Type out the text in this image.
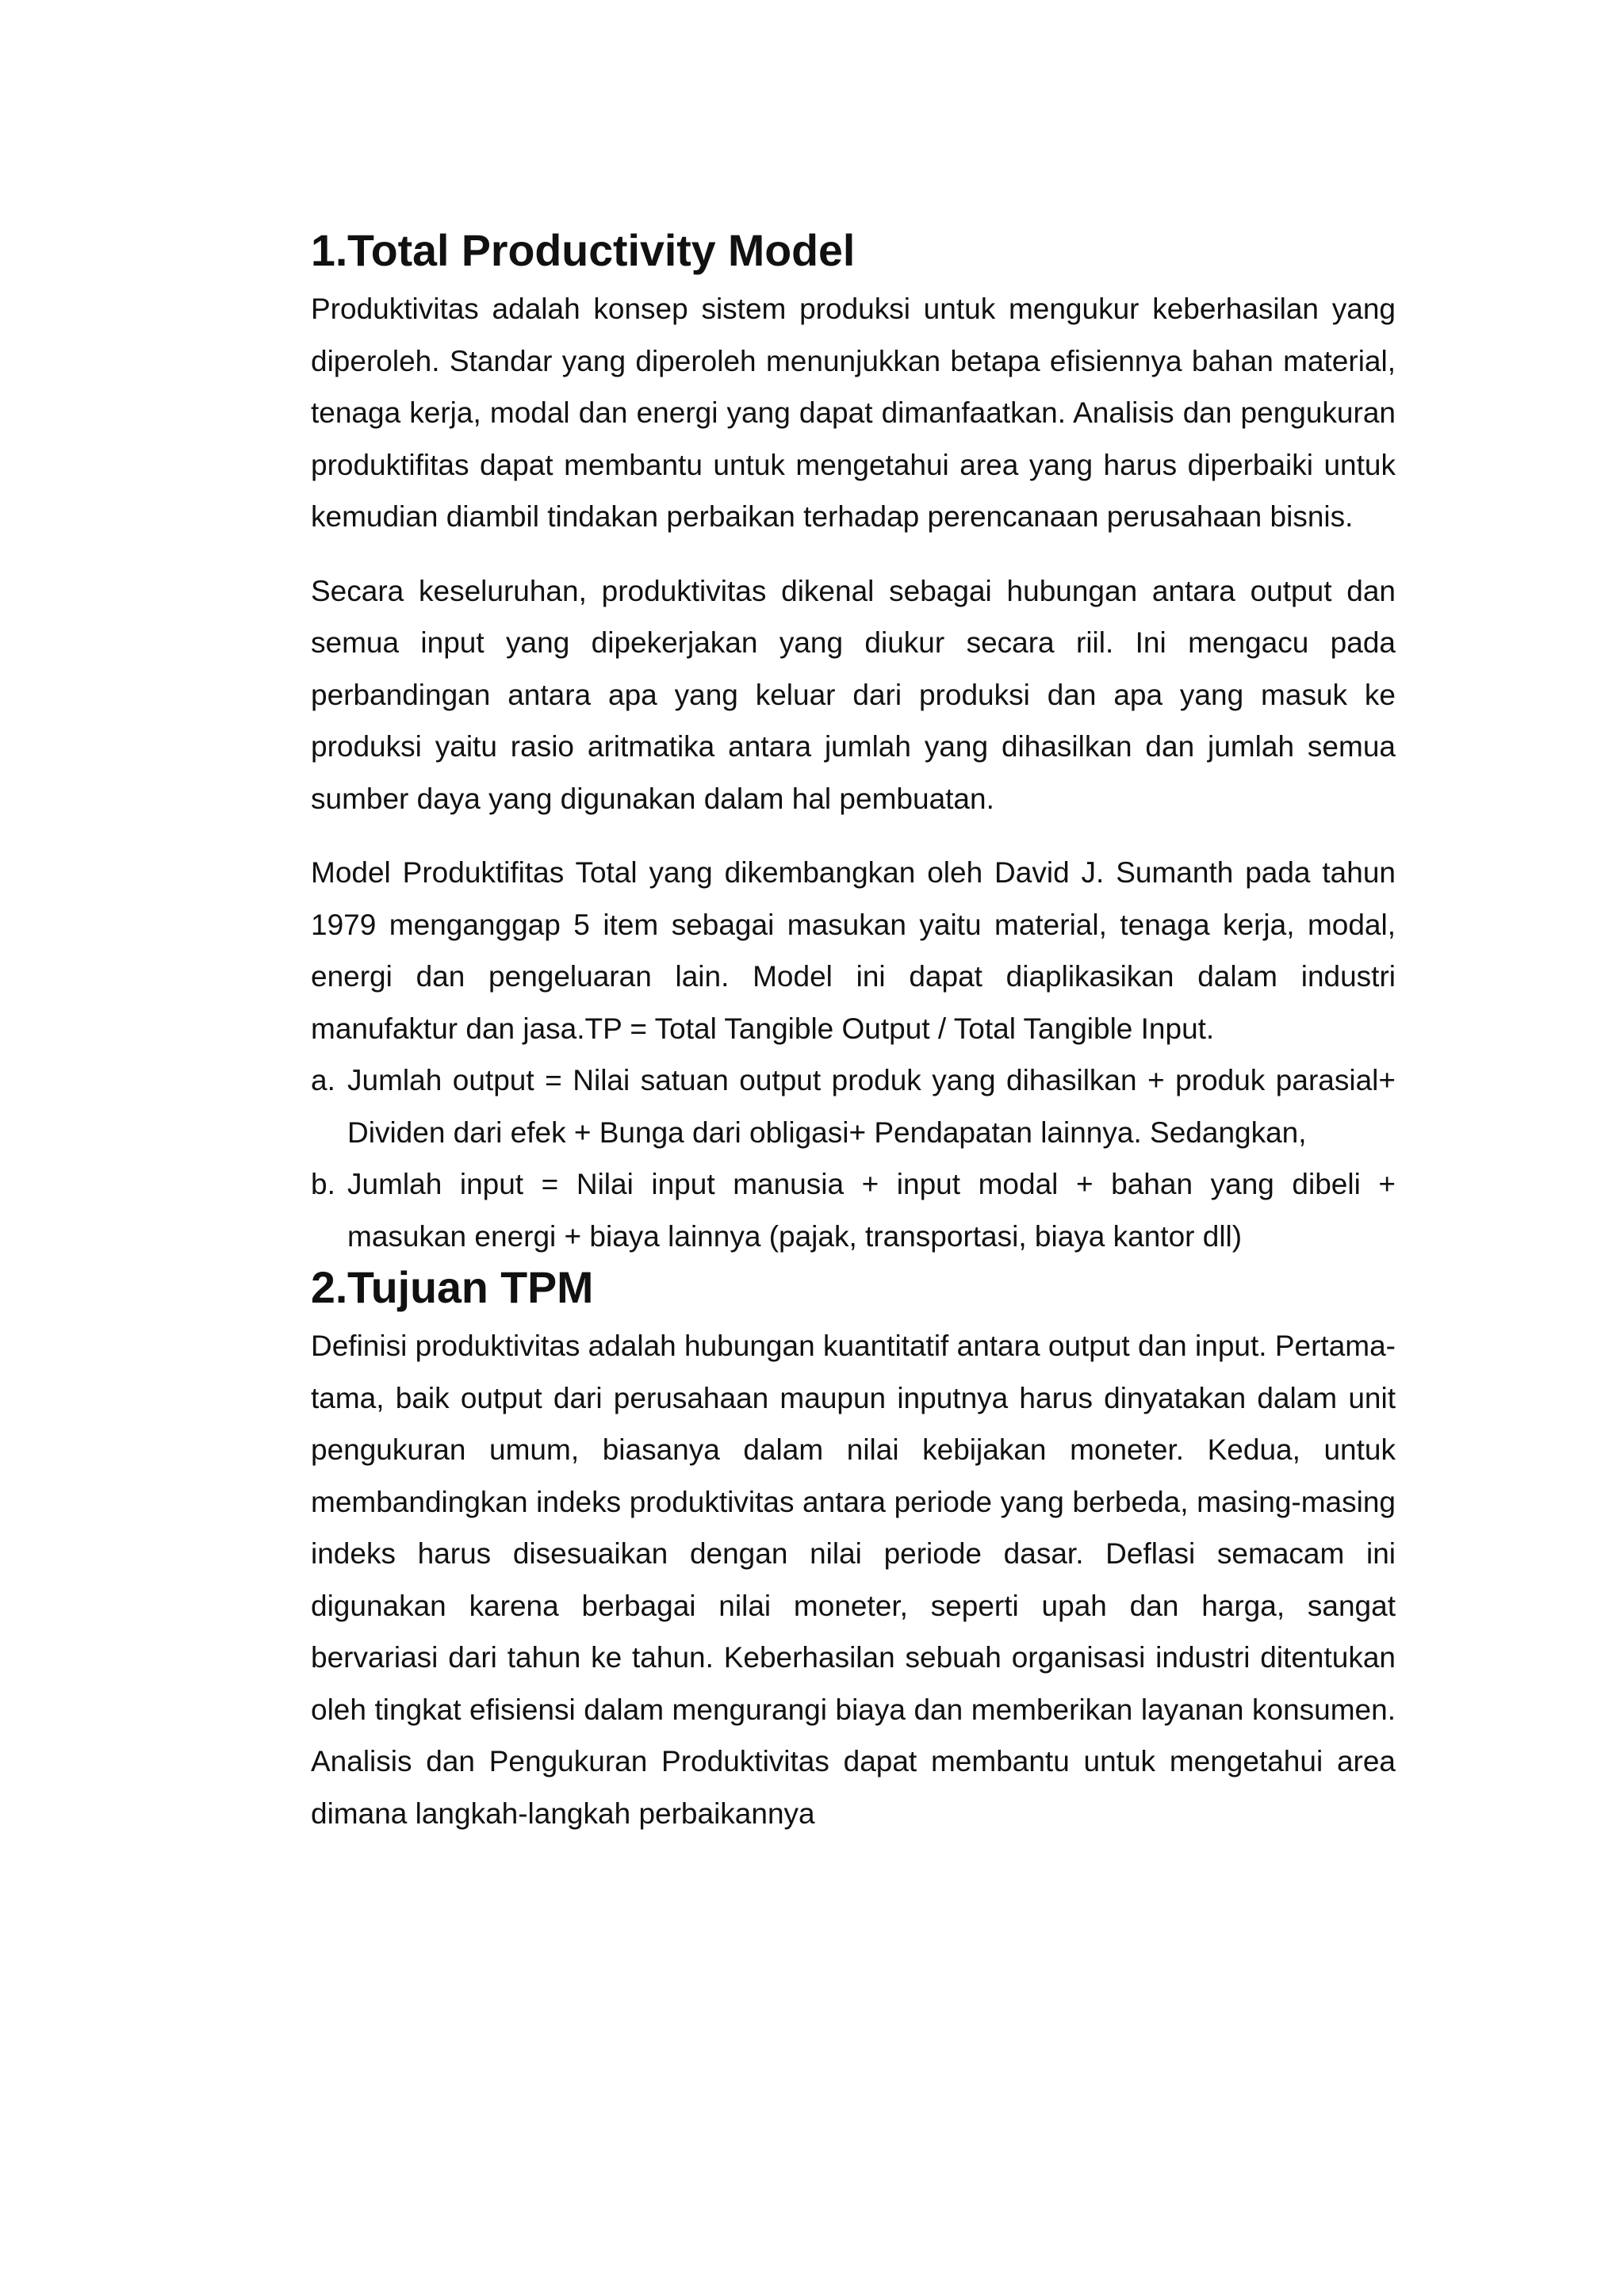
1. Total Productivity Model

Produktivitas adalah konsep sistem produksi untuk mengukur keberhasilan yang diperoleh. Standar yang diperoleh menunjukkan betapa efisiennya bahan material, tenaga kerja, modal dan energi yang dapat dimanfaatkan. Analisis dan pengukuran produktifitas dapat membantu untuk mengetahui area yang harus diperbaiki untuk kemudian diambil tindakan perbaikan terhadap perencanaan perusahaan bisnis.

Secara keseluruhan, produktivitas dikenal sebagai hubungan antara output dan semua input yang dipekerjakan yang diukur secara riil. Ini mengacu pada perbandingan antara apa yang keluar dari produksi dan apa yang masuk ke produksi yaitu rasio aritmatika antara jumlah yang dihasilkan dan jumlah semua sumber daya yang digunakan dalam hal pembuatan.

Model Produktifitas Total yang dikembangkan oleh David J. Sumanth pada tahun 1979 menganggap 5 item sebagai masukan yaitu material, tenaga kerja, modal, energi dan pengeluaran lain. Model ini dapat diaplikasikan dalam industri manufaktur dan jasa.TP = Total Tangible Output / Total Tangible Input.

a. Jumlah output = Nilai satuan output produk yang dihasilkan + produk parasial+ Dividen dari efek + Bunga dari obligasi+ Pendapatan lainnya. Sedangkan,
b. Jumlah input = Nilai input manusia + input modal + bahan yang dibeli + masukan energi + biaya lainnya (pajak, transportasi, biaya kantor dll)
2. Tujuan TPM

Definisi produktivitas adalah hubungan kuantitatif antara output dan input. Pertama-tama, baik output dari perusahaan maupun inputnya harus dinyatakan dalam unit pengukuran umum, biasanya dalam nilai kebijakan moneter. Kedua, untuk membandingkan indeks produktivitas antara periode yang berbeda, masing-masing indeks harus disesuaikan dengan nilai periode dasar. Deflasi semacam ini digunakan karena berbagai nilai moneter, seperti upah dan harga, sangat bervariasi dari tahun ke tahun. Keberhasilan sebuah organisasi industri ditentukan oleh tingkat efisiensi dalam mengurangi biaya dan memberikan layanan konsumen. Analisis dan Pengukuran Produktivitas dapat membantu untuk mengetahui area dimana langkah-langkah perbaikannya
